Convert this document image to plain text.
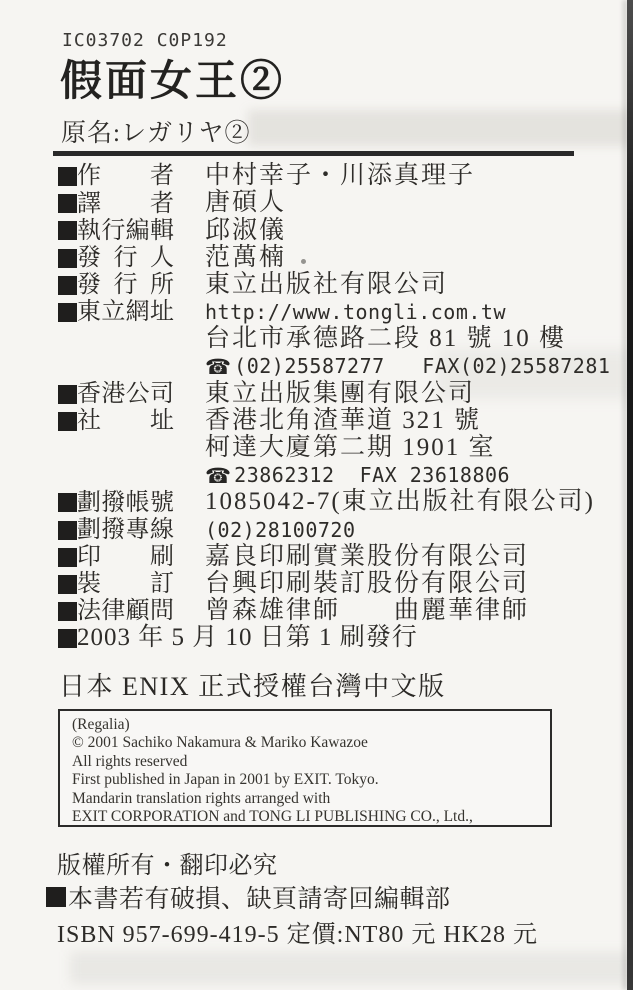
IC03702 C0P192
假面女王②
原名:レガリヤ②
作者 中村幸子・川添真理子
譯者 唐碩人
執行編輯 邱淑儀
發行人 范萬楠
發行所 東立出版社有限公司
東立網址 http://www.tongli.com.tw
台北市承德路二段 81 號 10 樓
☎ (02)25587277   FAX(02)25587281
香港公司 東立出版集團有限公司
社址 香港北角渣華道 321 號
柯達大廈第二期 1901 室
☎ 23862312  FAX 23618806
劃撥帳號 1085042-7(東立出版社有限公司)
劃撥專線 (02)28100720
印刷 嘉良印刷實業股份有限公司
裝訂 台興印刷裝訂股份有限公司
法律顧問 曾森雄律師　　曲麗華律師
2003 年 5 月 10 日第 1 刷發行
日本 ENIX 正式授權台灣中文版
(Regalia)
© 2001 Sachiko Nakamura & Mariko Kawazoe
All rights reserved
First published in Japan in 2001 by EXIT. Tokyo.
Mandarin translation rights arranged with
EXIT CORPORATION and TONG LI PUBLISHING CO., Ltd.,
版權所有・翻印必究
本書若有破損、缺頁請寄回編輯部
ISBN 957-699-419-5 定價:NT80 元 HK28 元
